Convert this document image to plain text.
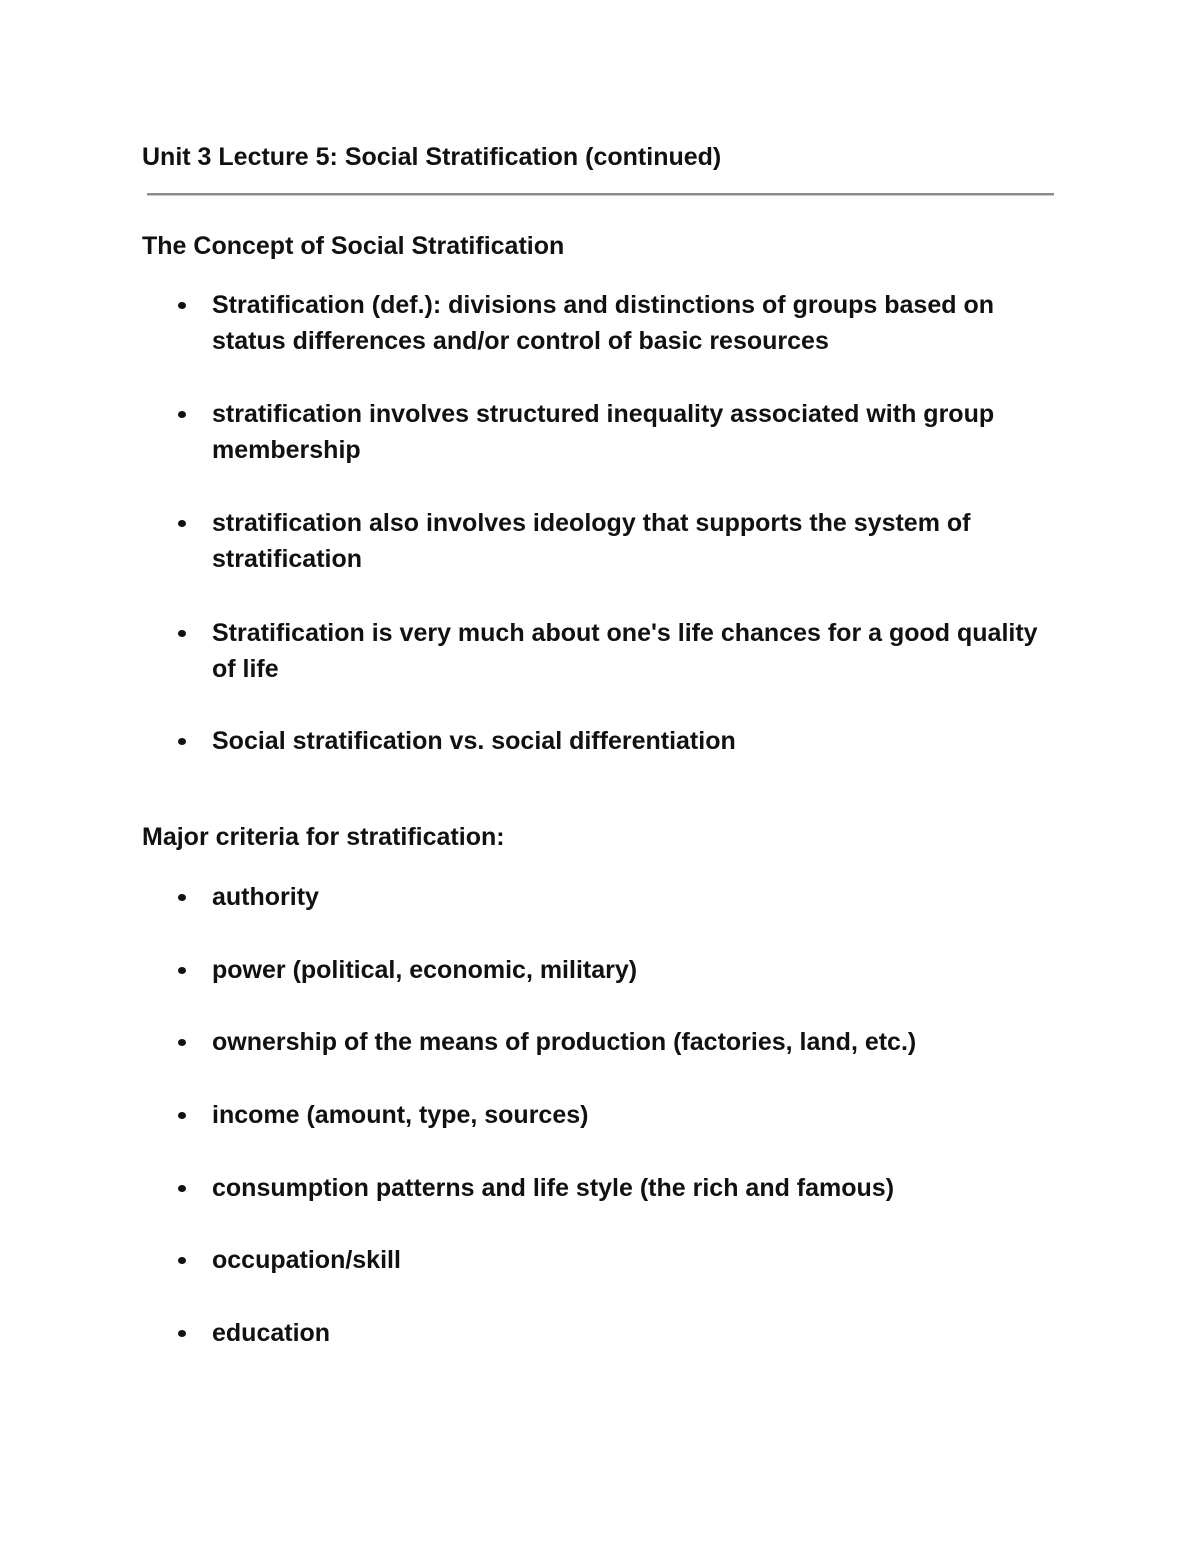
Unit 3 Lecture 5: Social Stratification (continued)
The Concept of Social Stratification
Stratification (def.): divisions and distinctions of groups based on status differences and/or control of basic resources
stratification involves structured inequality associated with group membership
stratification also involves ideology that supports the system of stratification
Stratification is very much about one's life chances for a good quality of life
Social stratification vs. social differentiation
Major criteria for stratification:
authority
power (political, economic, military)
ownership of the means of production (factories, land, etc.)
income (amount, type, sources)
consumption patterns and life style (the rich and famous)
occupation/skill
education
